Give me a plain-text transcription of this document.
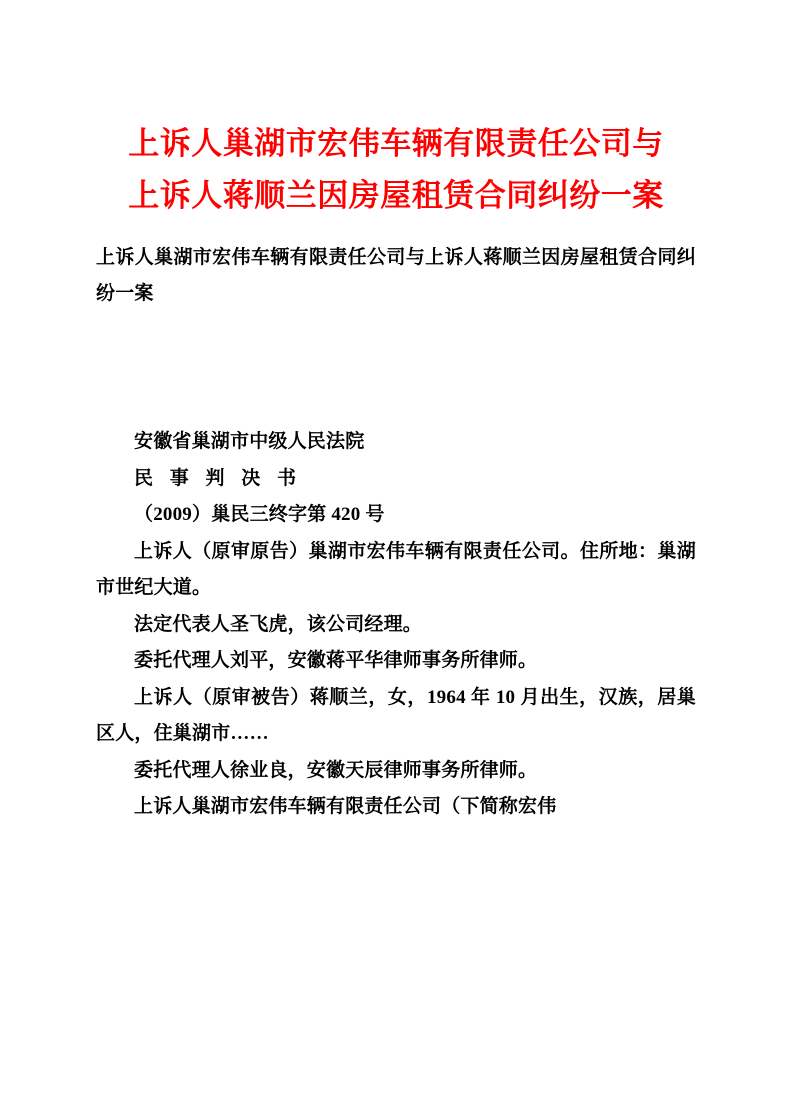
上诉人巢湖市宏伟车辆有限责任公司与上诉人蒋顺兰因房屋租赁合同纠纷一案

上诉人巢湖市宏伟车辆有限责任公司与上诉人蒋顺兰因房屋租赁合同纠纷一案

安徽省巢湖市中级人民法院

民 事 判 决 书

（2009）巢民三终字第 420 号

上诉人（原审原告）巢湖市宏伟车辆有限责任公司。住所地：巢湖市世纪大道。

法定代表人圣飞虎，该公司经理。

委托代理人刘平，安徽蒋平华律师事务所律师。

上诉人（原审被告）蒋顺兰，女，1964 年 10 月出生，汉族，居巢区人，住巢湖市……

委托代理人徐业良，安徽天辰律师事务所律师。

上诉人巢湖市宏伟车辆有限责任公司（下简称宏伟
